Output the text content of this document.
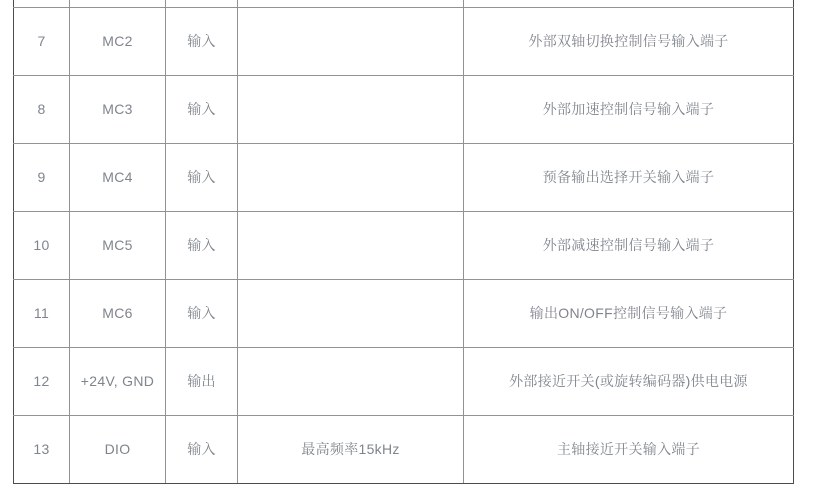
7	MC2	输入		外部双轴切换控制信号输入端子
8	MC3	输入		外部加速控制信号输入端子
9	MC4	输入		预备输出选择开关输入端子
10	MC5	输入		外部减速控制信号输入端子
11	MC6	输入		输出ON/OFF控制信号输入端子
12	+24V, GND	输出		外部接近开关(或旋转编码器)供电电源
13	DIO	输入	最高频率15kHz	主轴接近开关输入端子
